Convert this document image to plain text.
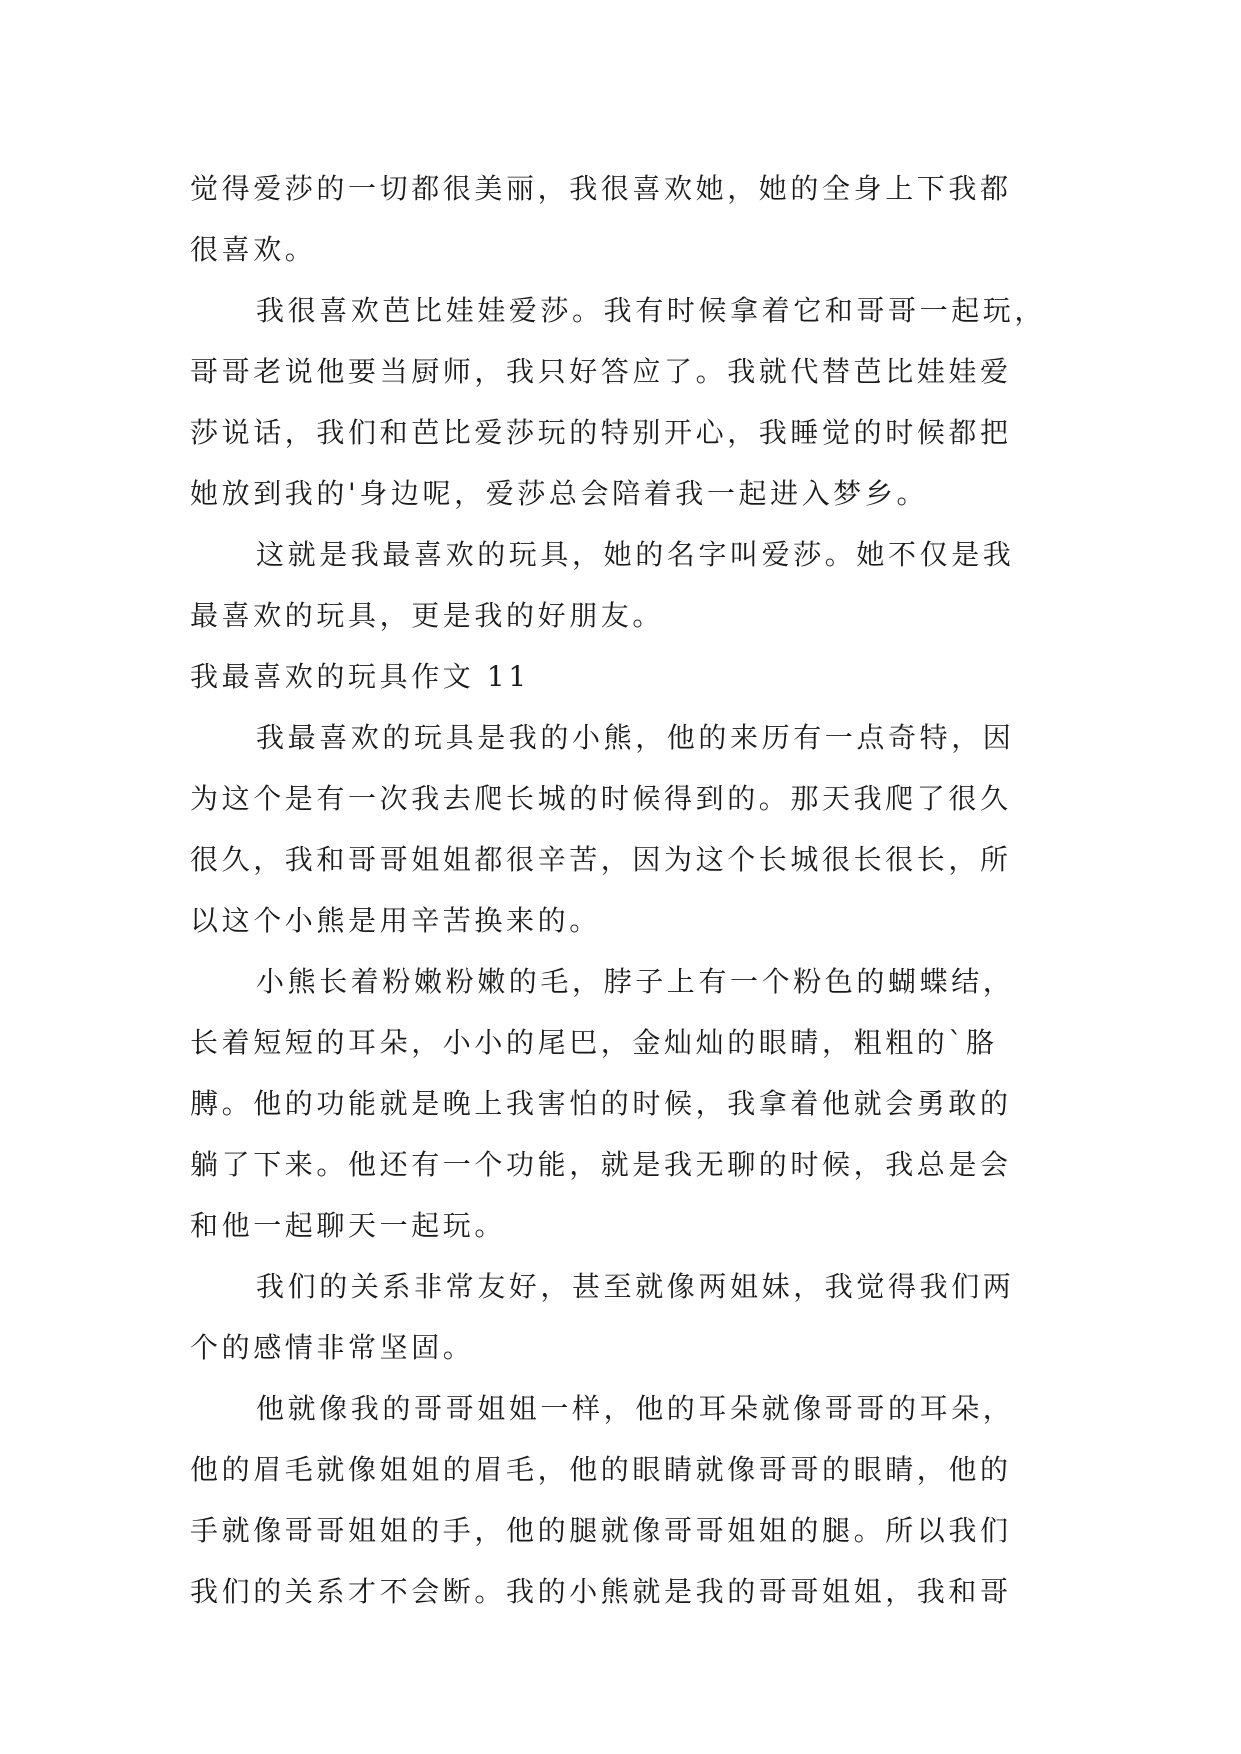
觉得爱莎的一切都很美丽，我很喜欢她，她的全身上下我都
很喜欢。
我很喜欢芭比娃娃爱莎。我有时候拿着它和哥哥一起玩，
哥哥老说他要当厨师，我只好答应了。我就代替芭比娃娃爱
莎说话，我们和芭比爱莎玩的特别开心，我睡觉的时候都把
她放到我的'身边呢，爱莎总会陪着我一起进入梦乡。
这就是我最喜欢的玩具，她的名字叫爱莎。她不仅是我
最喜欢的玩具，更是我的好朋友。
我最喜欢的玩具作文 11
我最喜欢的玩具是我的小熊，他的来历有一点奇特，因
为这个是有一次我去爬长城的时候得到的。那天我爬了很久
很久，我和哥哥姐姐都很辛苦，因为这个长城很长很长，所
以这个小熊是用辛苦换来的。
小熊长着粉嫩粉嫩的毛，脖子上有一个粉色的蝴蝶结，
长着短短的耳朵，小小的尾巴，金灿灿的眼睛，粗粗的`胳
膊。他的功能就是晚上我害怕的时候，我拿着他就会勇敢的
躺了下来。他还有一个功能，就是我无聊的时候，我总是会
和他一起聊天一起玩。
我们的关系非常友好，甚至就像两姐妹，我觉得我们两
个的感情非常坚固。
他就像我的哥哥姐姐一样，他的耳朵就像哥哥的耳朵，
他的眉毛就像姐姐的眉毛，他的眼睛就像哥哥的眼睛，他的
手就像哥哥姐姐的手，他的腿就像哥哥姐姐的腿。所以我们
我们的关系才不会断。我的小熊就是我的哥哥姐姐，我和哥
